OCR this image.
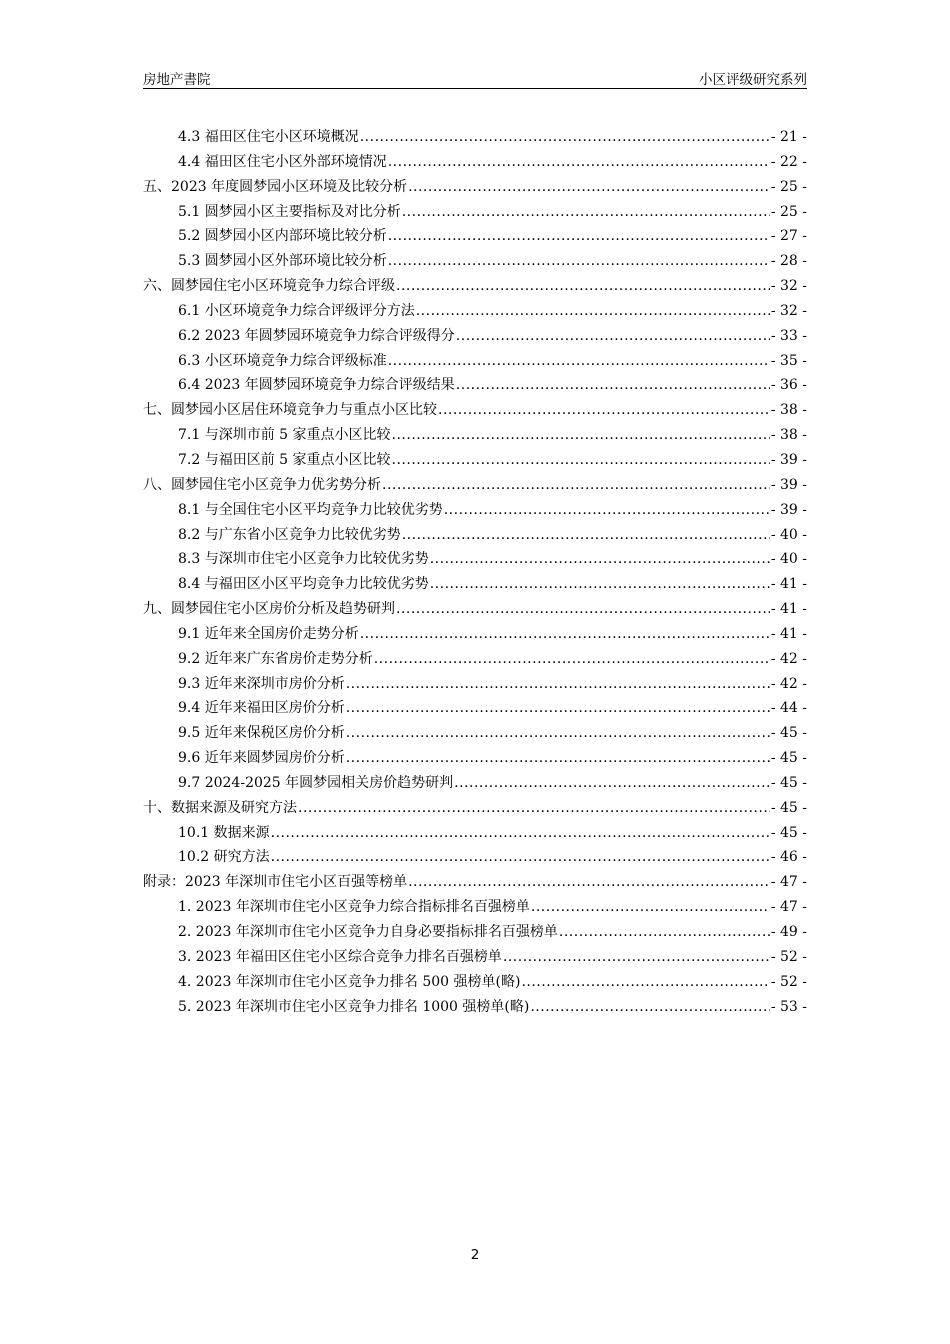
房地产書院	小区评级研究系列
4.3 福田区住宅小区环境概况 .....	- 21 -
4.4 福田区住宅小区外部环境情况 .....	- 22 -
五、2023 年度圆梦园小区环境及比较分析 .....	- 25 -
5.1 圆梦园小区主要指标及对比分析 .....	- 25 -
5.2 圆梦园小区内部环境比较分析 .....	- 27 -
5.3 圆梦园小区外部环境比较分析 .....	- 28 -
六、圆梦园住宅小区环境竞争力综合评级 .....	- 32 -
6.1 小区环境竞争力综合评级评分方法 .....	- 32 -
6.2 2023 年圆梦园环境竞争力综合评级得分 .....	- 33 -
6.3 小区环境竞争力综合评级标准 .....	- 35 -
6.4 2023 年圆梦园环境竞争力综合评级结果 .....	- 36 -
七、圆梦园小区居住环境竞争力与重点小区比较 .....	- 38 -
7.1 与深圳市前 5 家重点小区比较 .....	- 38 -
7.2 与福田区前 5 家重点小区比较 .....	- 39 -
八、圆梦园住宅小区竞争力优劣势分析 .....	- 39 -
8.1 与全国住宅小区平均竞争力比较优劣势 .....	- 39 -
8.2 与广东省小区竞争力比较优劣势 .....	- 40 -
8.3 与深圳市住宅小区竞争力比较优劣势 .....	- 40 -
8.4 与福田区小区平均竞争力比较优劣势 .....	- 41 -
九、圆梦园住宅小区房价分析及趋势研判 .....	- 41 -
9.1 近年来全国房价走势分析 .....	- 41 -
9.2 近年来广东省房价走势分析 .....	- 42 -
9.3 近年来深圳市房价分析 .....	- 42 -
9.4 近年来福田区房价分析 .....	- 44 -
9.5 近年来保税区房价分析 .....	- 45 -
9.6 近年来圆梦园房价分析 .....	- 45 -
9.7 2024-2025 年圆梦园相关房价趋势研判 .....	- 45 -
十、数据来源及研究方法 .....	- 45 -
10.1 数据来源 .....	- 45 -
10.2 研究方法 .....	- 46 -
附录：2023 年深圳市住宅小区百强等榜单 .....	- 47 -
1. 2023 年深圳市住宅小区竞争力综合指标排名百强榜单 .....	- 47 -
2. 2023 年深圳市住宅小区竞争力自身必要指标排名百强榜单 .....	- 49 -
3. 2023 年福田区住宅小区综合竞争力排名百强榜单 .....	- 52 -
4. 2023 年深圳市住宅小区竞争力排名 500 强榜单(略) .....	- 52 -
5. 2023 年深圳市住宅小区竞争力排名 1000 强榜单(略) .....	- 53 -
2
